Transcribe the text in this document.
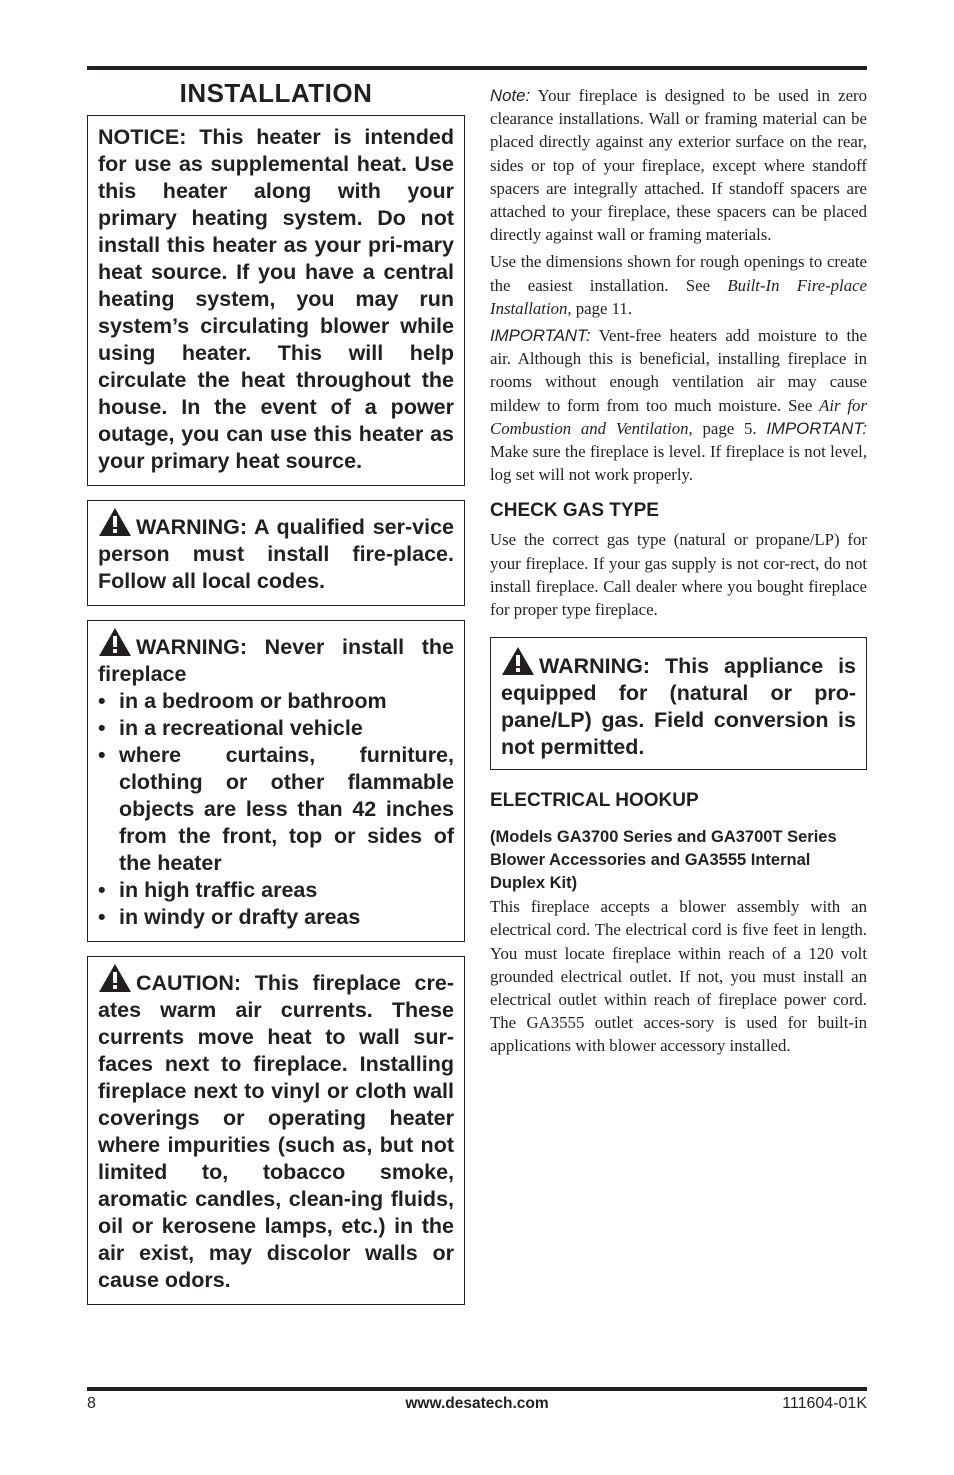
INSTALLATION
NOTICE: This heater is intended for use as supplemental heat. Use this heater along with your primary heating system. Do not install this heater as your pri-mary heat source. If you have a central heating system, you may run system’s circulating blower while using heater. This will help circulate the heat throughout the house. In the event of a power outage, you can use this heater as your primary heat source.
WARNING: A qualified ser-vice person must install fire-place. Follow all local codes.
WARNING: Never install the fireplace
• in a bedroom or bathroom
• in a recreational vehicle
• where curtains, furniture, clothing or other flammable objects are less than 42 inches from the front, top or sides of the heater
• in high traffic areas
• in windy or drafty areas
CAUTION: This fireplace cre-ates warm air currents. These currents move heat to wall sur-faces next to fireplace. Installing fireplace next to vinyl or cloth wall coverings or operating heater where impurities (such as, but not limited to, tobacco smoke, aromatic candles, clean-ing fluids, oil or kerosene lamps, etc.) in the air exist, may discolor walls or cause odors.

Note: Your fireplace is designed to be used in zero clearance installations. Wall or framing material can be placed directly against any exterior surface on the rear, sides or top of your fireplace, except where standoff spacers are integrally attached. If standoff spacers are attached to your fireplace, these spacers can be placed directly against wall or framing materials.

Use the dimensions shown for rough openings to create the easiest installation. See Built-In Fire-place Installation, page 11.

IMPORTANT: Vent-free heaters add moisture to the air. Although this is beneficial, installing fireplace in rooms without enough ventilation air may cause mildew to form from too much moisture. See Air for Combustion and Ventilation, page 5. IMPORTANT: Make sure the fireplace is level. If fireplace is not level, log set will not work properly.

CHECK GAS TYPE

Use the correct gas type (natural or propane/LP) for your fireplace. If your gas supply is not cor-rect, do not install fireplace. Call dealer where you bought fireplace for proper type fireplace.

WARNING: This appliance is equipped for (natural or pro-pane/LP) gas. Field conversion is not permitted.
ELECTRICAL HOOKUP

(Models GA3700 Series and GA3700T Series Blower Accessories and GA3555 Internal Duplex Kit)

This fireplace accepts a blower assembly with an electrical cord. The electrical cord is five feet in length. You must locate fireplace within reach of a 120 volt grounded electrical outlet. If not, you must install an electrical outlet within reach of fireplace power cord. The GA3555 outlet acces-sory is used for built-in applications with blower accessory installed.

8	www.desatech.com	111604-01K
